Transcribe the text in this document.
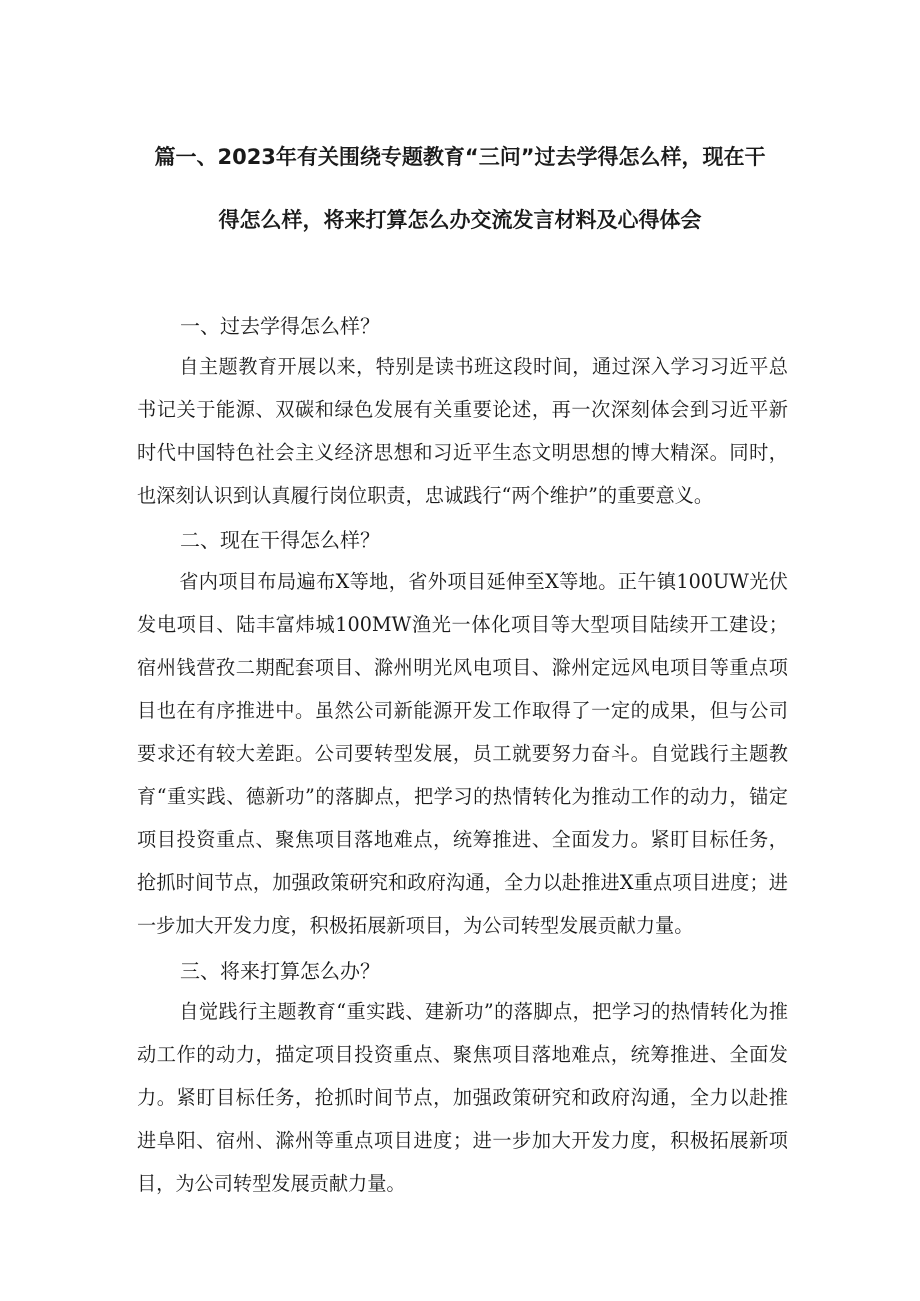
篇一、2023年有关围绕专题教育“三问”过去学得怎么样，现在干
得怎么样，将来打算怎么办交流发言材料及心得体会
一、过去学得怎么样？

自主题教育开展以来，特别是读书班这段时间，通过深入学习习近平总书记关于能源、双碳和绿色发展有关重要论述，再一次深刻体会到习近平新时代中国特色社会主义经济思想和习近平生态文明思想的博大精深。同时，也深刻认识到认真履行岗位职责，忠诚践行“两个维护”的重要意义。

二、现在干得怎么样？

省内项目布局遍布X等地，省外项目延伸至X等地。正午镇100UW光伏发电项目、陆丰富炜城100MW渔光一体化项目等大型项目陆续开工建设；宿州钱营孜二期配套项目、滁州明光风电项目、滁州定远风电项目等重点项目也在有序推进中。虽然公司新能源开发工作取得了一定的成果，但与公司要求还有较大差距。公司要转型发展，员工就要努力奋斗。自觉践行主题教育“重实践、德新功”的落脚点，把学习的热情转化为推动工作的动力，锚定项目投资重点、聚焦项目落地难点，统筹推进、全面发力。紧盯目标任务，抢抓时间节点，加强政策研究和政府沟通，全力以赴推进X重点项目进度；进一步加大开发力度，积极拓展新项目，为公司转型发展贡献力量。

三、将来打算怎么办？

自觉践行主题教育“重实践、建新功”的落脚点，把学习的热情转化为推动工作的动力，描定项目投资重点、聚焦项目落地难点，统筹推进、全面发力。紧盯目标任务，抢抓时间节点，加强政策研究和政府沟通，全力以赴推进阜阳、宿州、滁州等重点项目进度；进一步加大开发力度，积极拓展新项目，为公司转型发展贡献力量。
